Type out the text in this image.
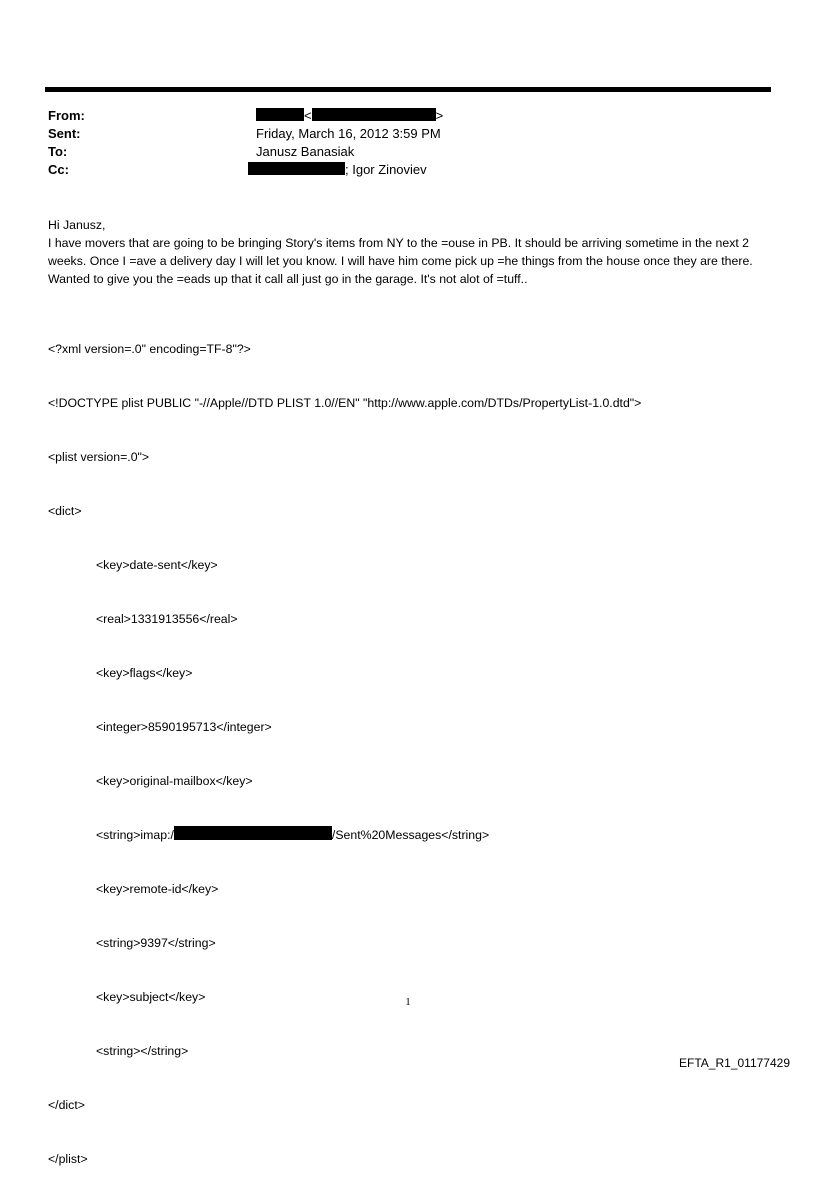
From:
Sent:
To:
Cc:
<	>
Friday, March 16, 2012 3:59 PM
Janusz Banasiak
; Igor Zinoviev

Hi Janusz,

I have movers that are going to be bringing Story's items from NY to the =ouse in PB. It should be arriving sometime in the next 2 weeks. Once I =ave a delivery day I will let you know. I will have him come pick up =he things from the house once they are there. Wanted to give you the =eads up that it call all just go in the garage. It's not alot of =tuff..

<?xml version=.0" encoding=TF-8"?>

<!DOCTYPE plist PUBLIC "-//Apple//DTD PLIST 1.0//EN" "http://www.apple.com/DTDs/PropertyList-1.0.dtd">

<plist version=.0">

<dict>

<key>date-sent</key>

<real>1331913556</real>

<key>flags</key>

<integer>8590195713</integer>

<key>original-mailbox</key>

<string>imap:/	/Sent%20Messages</string>

<key>remote-id</key>

<string>9397</string>

<key>subject</key>

<string></string>

</dict>

</plist>

1
EFTA_R1_01177429
